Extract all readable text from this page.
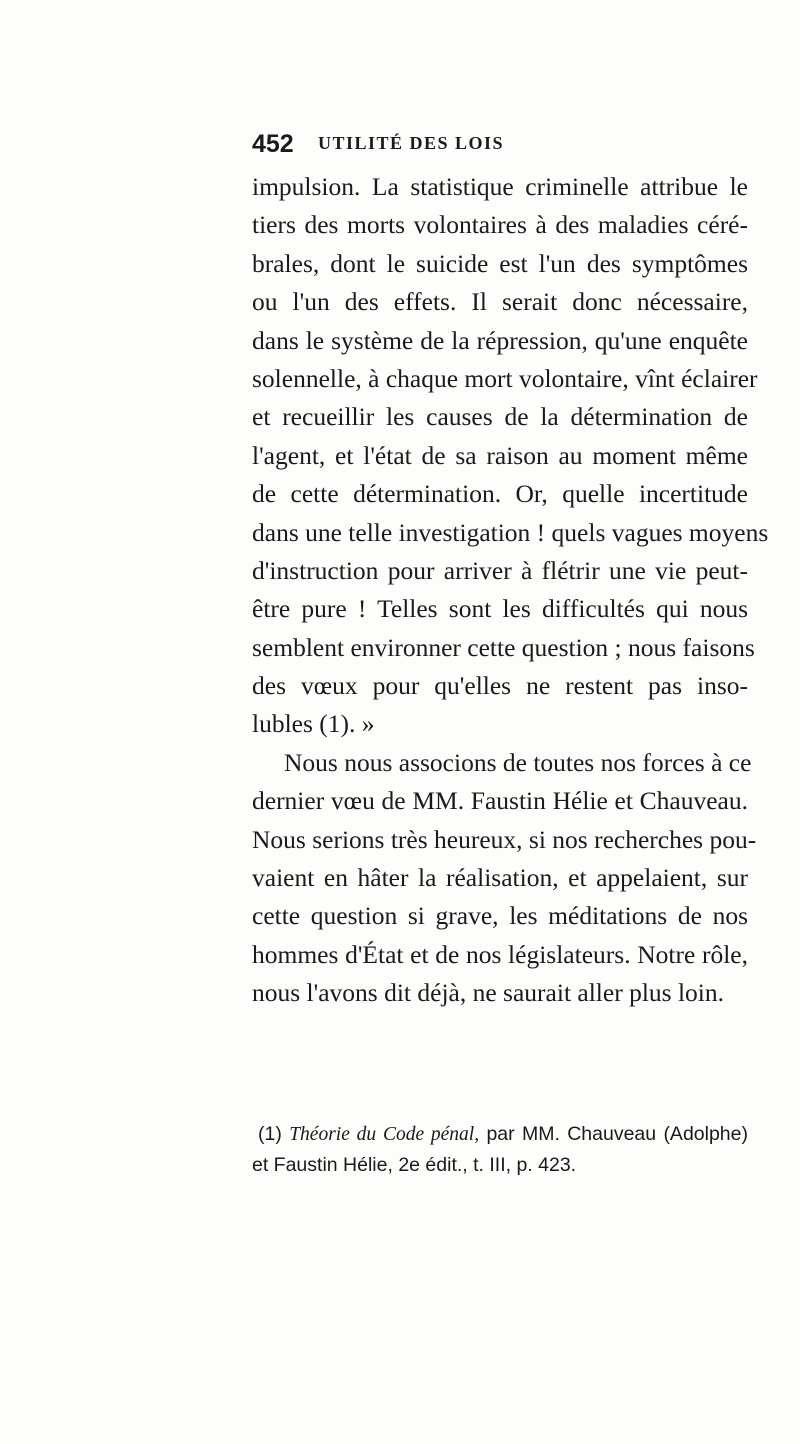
452 UTILITÉ DES LOIS
impulsion. La statistique criminelle attribue le
tiers des morts volontaires à des maladies céré-
brales, dont le suicide est l'un des symptômes
ou l'un des effets. Il serait donc nécessaire,
dans le système de la répression, qu'une enquête
solennelle, à chaque mort volontaire, vînt éclairer
et recueillir les causes de la détermination de
l'agent, et l'état de sa raison au moment même
de cette détermination. Or, quelle incertitude
dans une telle investigation ! quels vagues moyens
d'instruction pour arriver à flétrir une vie peut-
être pure ! Telles sont les difficultés qui nous
semblent environner cette question ; nous faisons
des vœux pour qu'elles ne restent pas inso-
lubles (1). »
Nous nous associons de toutes nos forces à ce
dernier vœu de MM. Faustin Hélie et Chauveau.
Nous serions très heureux, si nos recherches pou-
vaient en hâter la réalisation, et appelaient, sur
cette question si grave, les méditations de nos
hommes d'État et de nos législateurs. Notre rôle,
nous l'avons dit déjà, ne saurait aller plus loin.
(1) Théorie du Code pénal, par MM. Chauveau (Adolphe)
et Faustin Hélie, 2e édit., t. III, p. 423.
